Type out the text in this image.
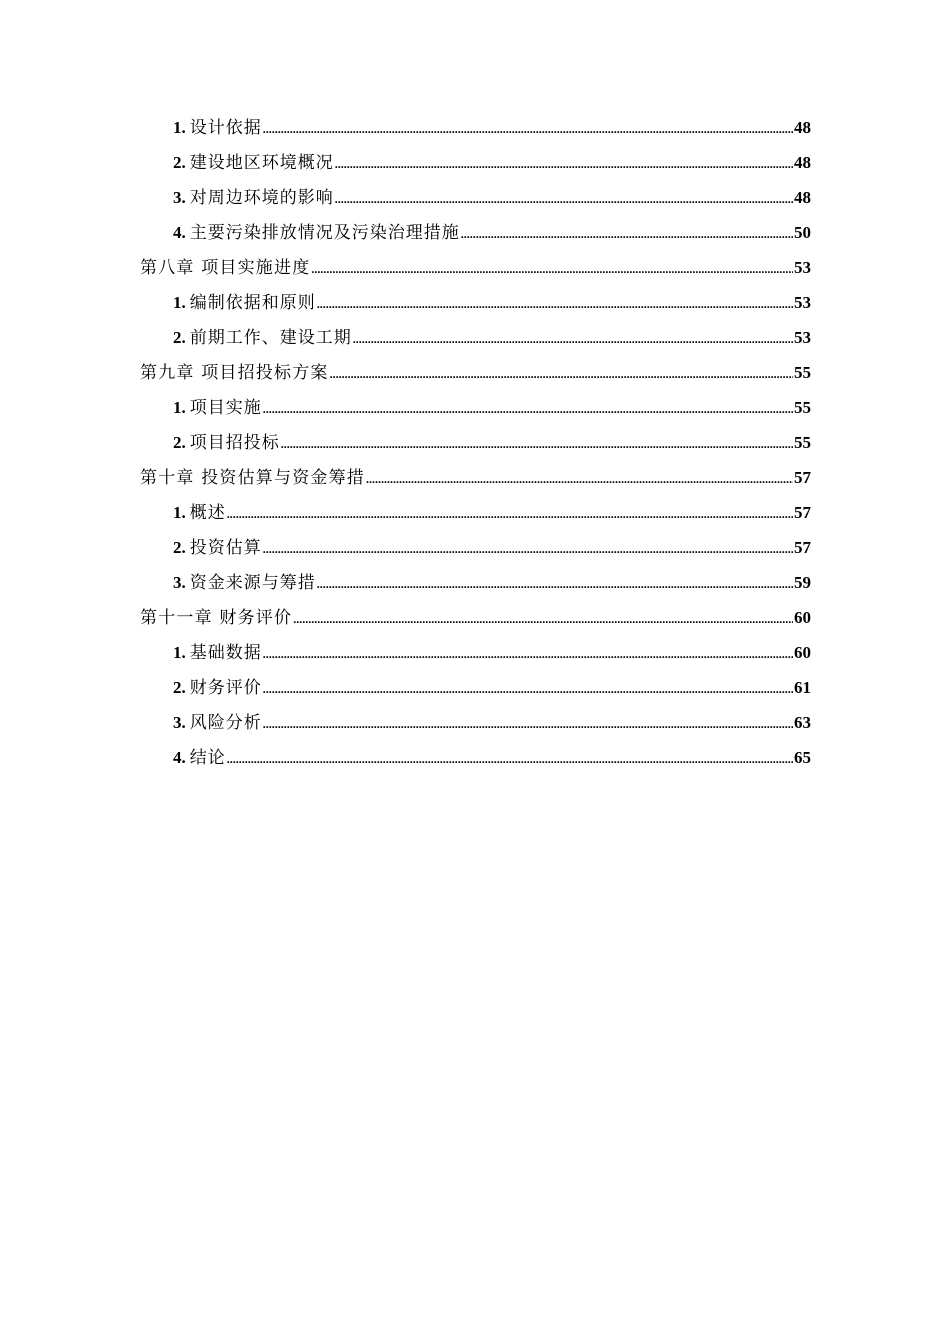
1. 设计依据 .....	48
2. 建设地区环境概况 .....	48
3. 对周边环境的影响 .....	48
4. 主要污染排放情况及污染治理措施 .....	50
第八章 项目实施进度 .....	53
1. 编制依据和原则 .....	53
2. 前期工作、建设工期 .....	53
第九章 项目招投标方案 .....	55
1. 项目实施 .....	55
2. 项目招投标 .....	55
第十章 投资估算与资金筹措 .....	57
1. 概述 .....	57
2. 投资估算 .....	57
3. 资金来源与筹措 .....	59
第十一章 财务评价 .....	60
1. 基础数据 .....	60
2. 财务评价 .....	61
3. 风险分析 .....	63
4. 结论 .....	65
